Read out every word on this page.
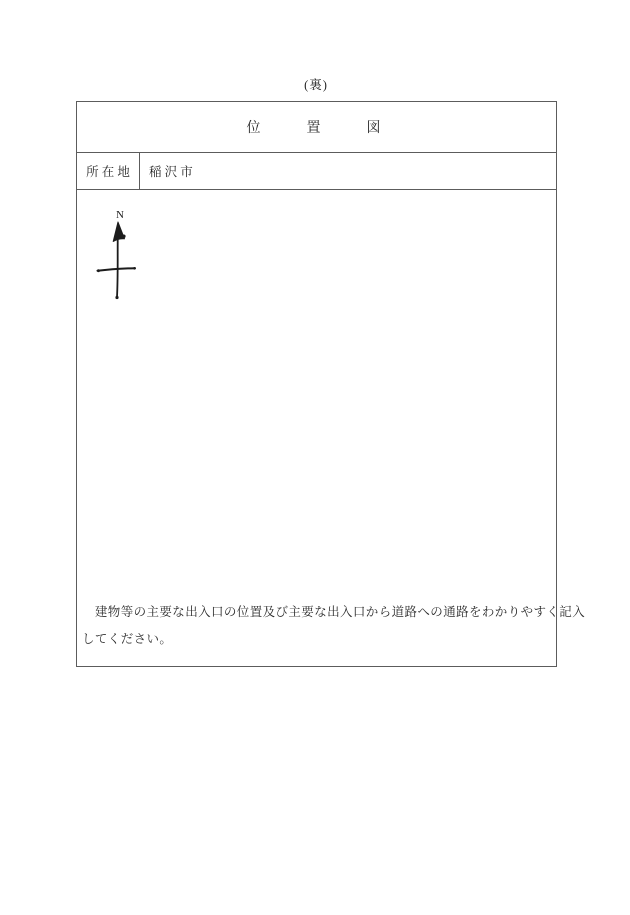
(裏)
位　　置　　図
所 在 地 稲 沢 市
N
　建物等の主要な出入口の位置及び主要な出入口から道路への通路をわかりやすく記入
してください。
